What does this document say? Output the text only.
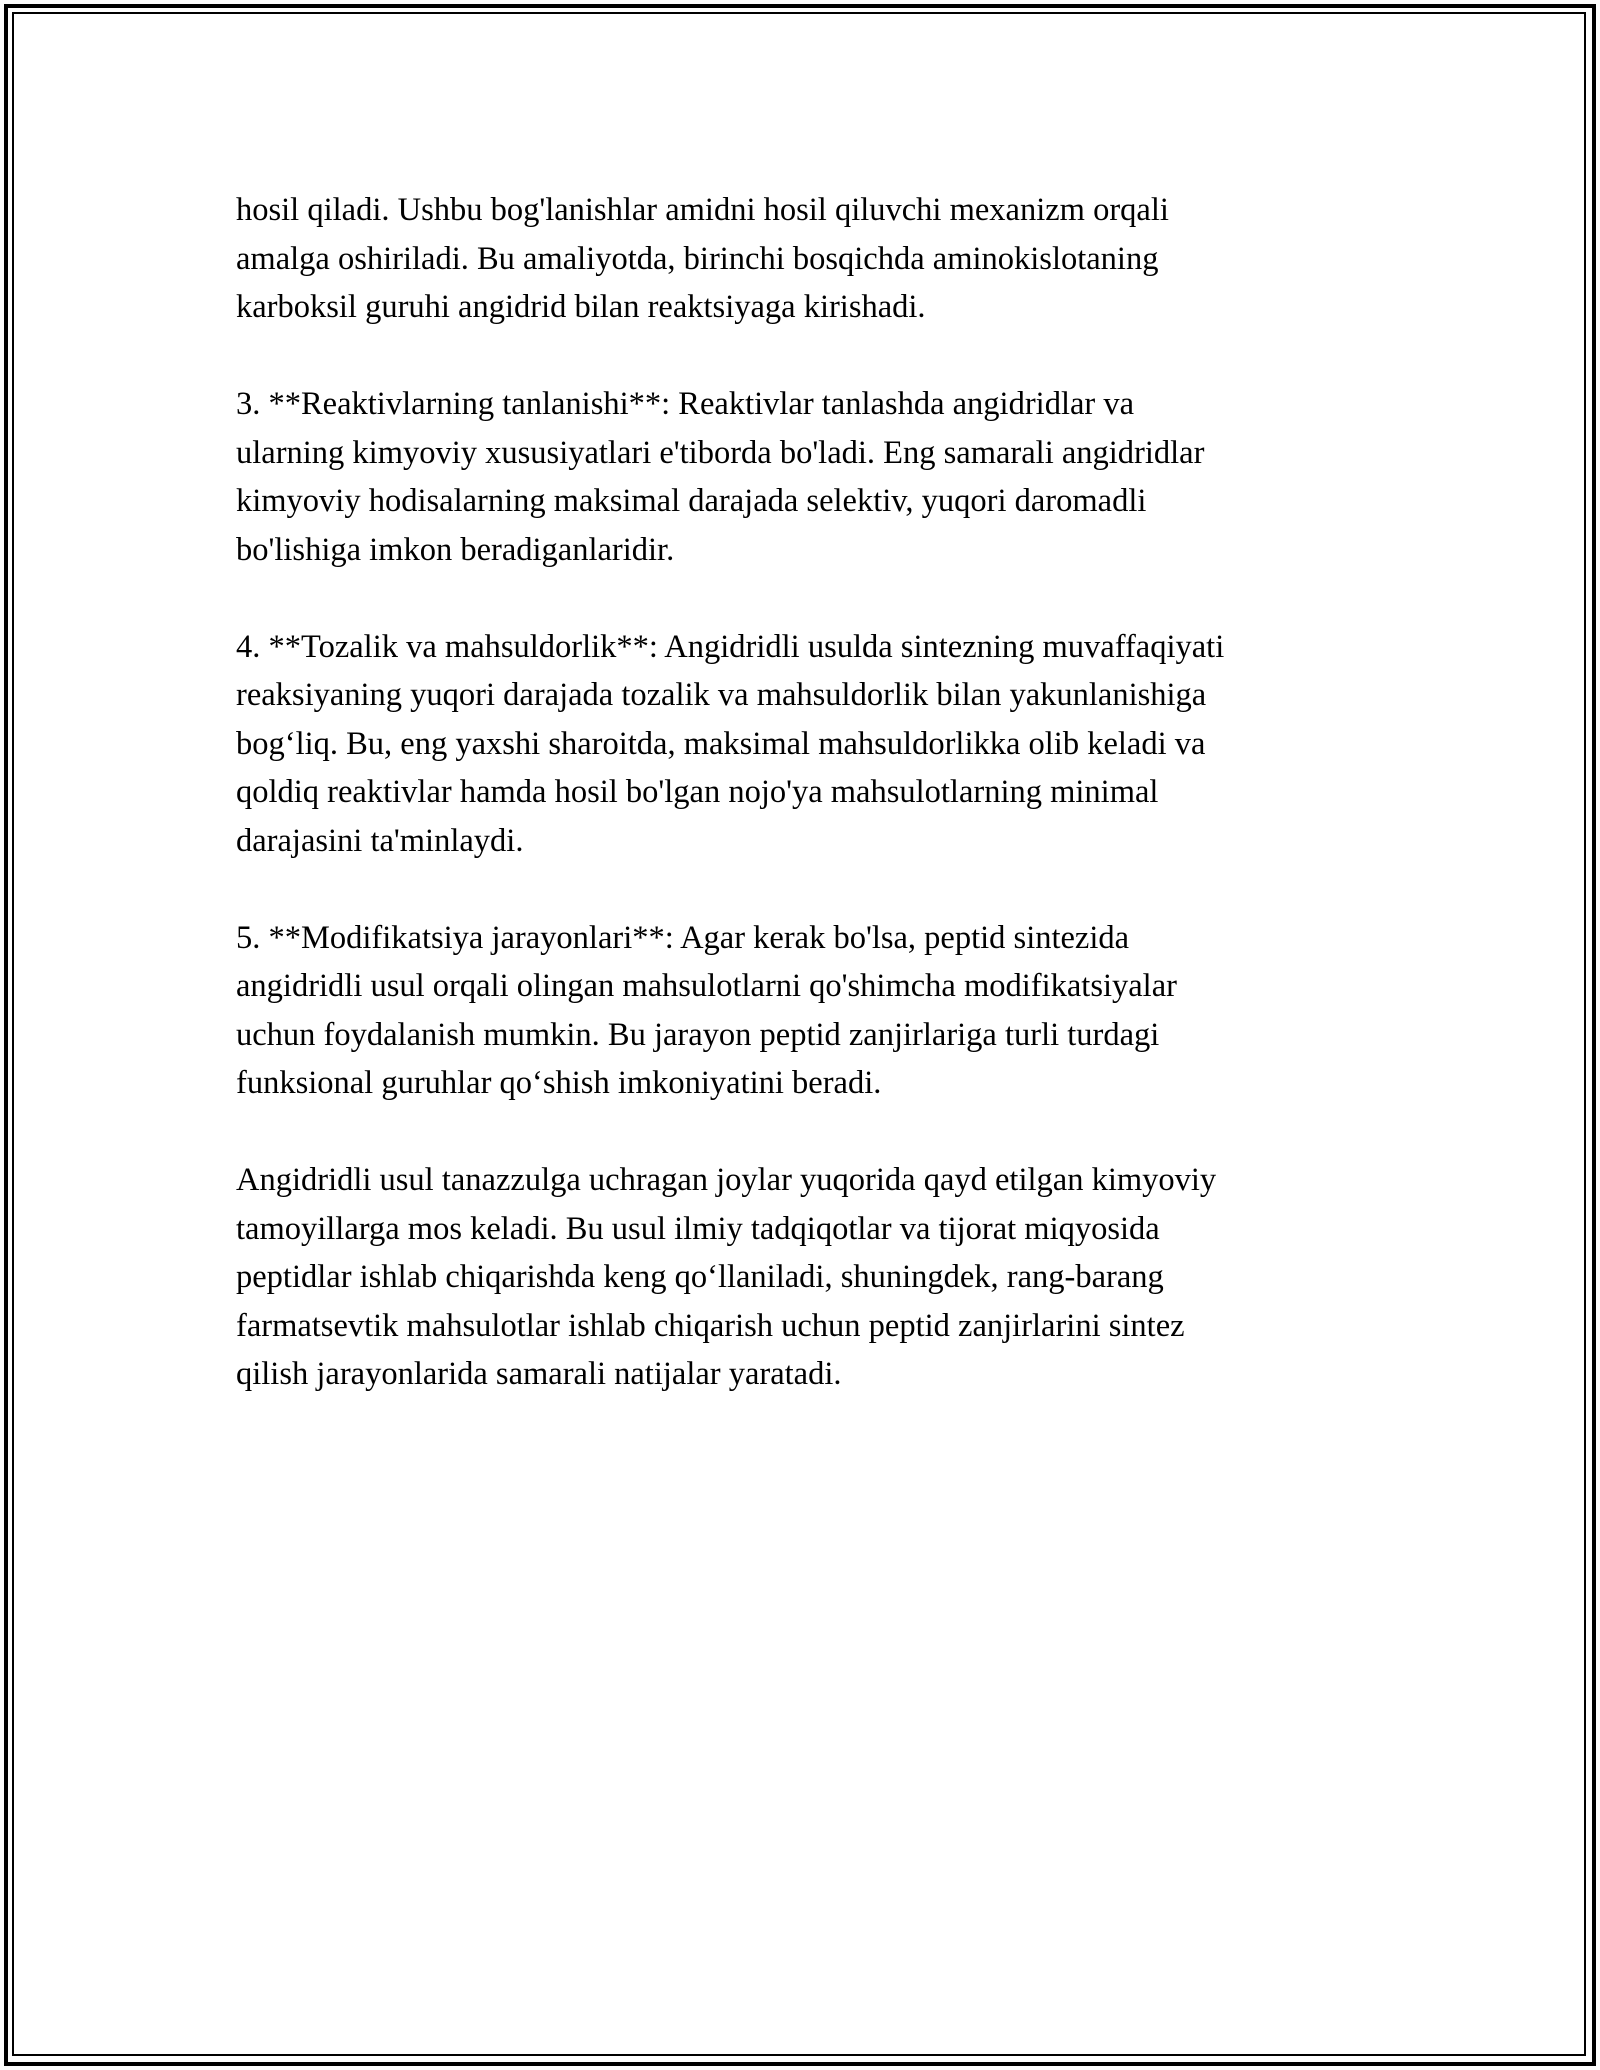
hosil qiladi. Ushbu bog'lanishlar amidni hosil qiluvchi mexanizm orqali
amalga oshiriladi. Bu amaliyotda, birinchi bosqichda aminokislotaning
karboksil guruhi angidrid bilan reaktsiyaga kirishadi.

3. **Reaktivlarning tanlanishi**: Reaktivlar tanlashda angidridlar va
ularning kimyoviy xususiyatlari e'tiborda bo'ladi. Eng samarali angidridlar
kimyoviy hodisalarning maksimal darajada selektiv, yuqori daromadli
bo'lishiga imkon beradiganlaridir.

4. **Tozalik va mahsuldorlik**: Angidridli usulda sintezning muvaffaqiyati
reaksiyaning yuqori darajada tozalik va mahsuldorlik bilan yakunlanishiga
bog‘liq. Bu, eng yaxshi sharoitda, maksimal mahsuldorlikka olib keladi va
qoldiq reaktivlar hamda hosil bo'lgan nojo'ya mahsulotlarning minimal
darajasini ta'minlaydi.

5. **Modifikatsiya jarayonlari**: Agar kerak bo'lsa, peptid sintezida
angidridli usul orqali olingan mahsulotlarni qo'shimcha modifikatsiyalar
uchun foydalanish mumkin. Bu jarayon peptid zanjirlariga turli turdagi
funksional guruhlar qo‘shish imkoniyatini beradi.

Angidridli usul tanazzulga uchragan joylar yuqorida qayd etilgan kimyoviy
tamoyillarga mos keladi. Bu usul ilmiy tadqiqotlar va tijorat miqyosida
peptidlar ishlab chiqarishda keng qo‘llaniladi, shuningdek, rang-barang
farmatsevtik mahsulotlar ishlab chiqarish uchun peptid zanjirlarini sintez
qilish jarayonlarida samarali natijalar yaratadi.
